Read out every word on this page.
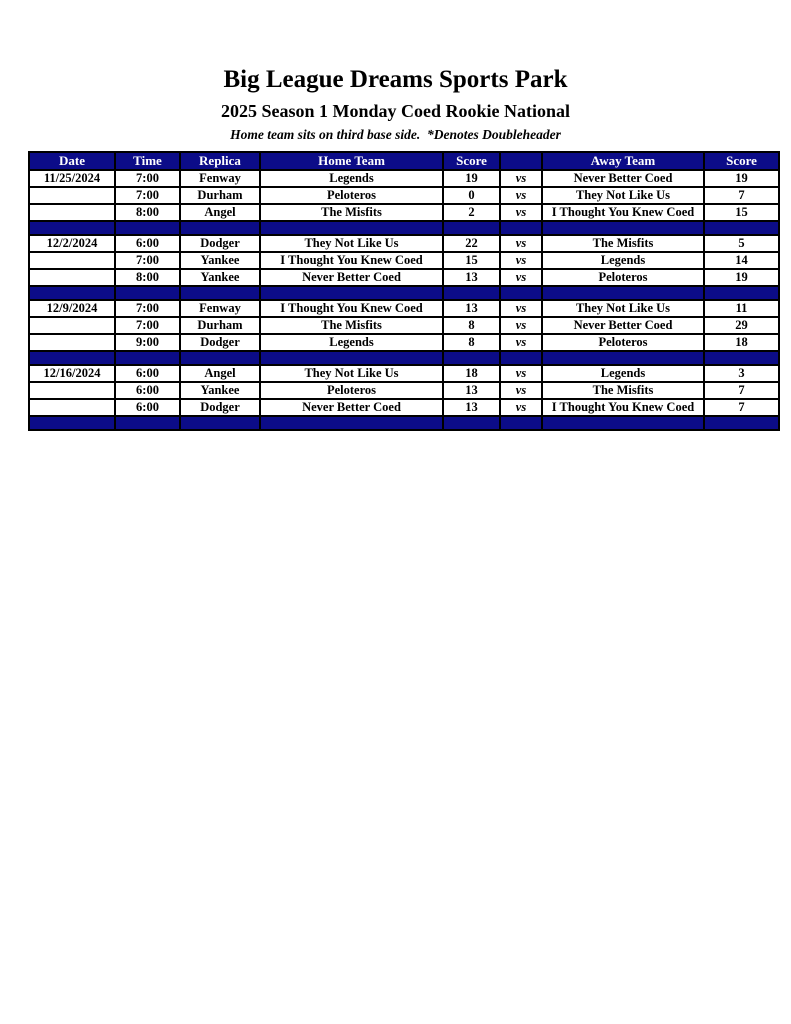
Big League Dreams Sports Park
2025 Season 1 Monday Coed Rookie National
Home team sits on third base side.  *Denotes Doubleheader
Date	Time	Replica	Home Team	Score		Away Team	Score
11/25/2024	7:00	Fenway	Legends	19	vs	Never Better Coed	19
	7:00	Durham	Peloteros	0	vs	They Not Like Us	7
	8:00	Angel	The Misfits	2	vs	I Thought You Knew Coed	15

12/2/2024	6:00	Dodger	They Not Like Us	22	vs	The Misfits	5
	7:00	Yankee	I Thought You Knew Coed	15	vs	Legends	14
	8:00	Yankee	Never Better Coed	13	vs	Peloteros	19

12/9/2024	7:00	Fenway	I Thought You Knew Coed	13	vs	They Not Like Us	11
	7:00	Durham	The Misfits	8	vs	Never Better Coed	29
	9:00	Dodger	Legends	8	vs	Peloteros	18

12/16/2024	6:00	Angel	They Not Like Us	18	vs	Legends	3
	6:00	Yankee	Peloteros	13	vs	The Misfits	7
	6:00	Dodger	Never Better Coed	13	vs	I Thought You Knew Coed	7
